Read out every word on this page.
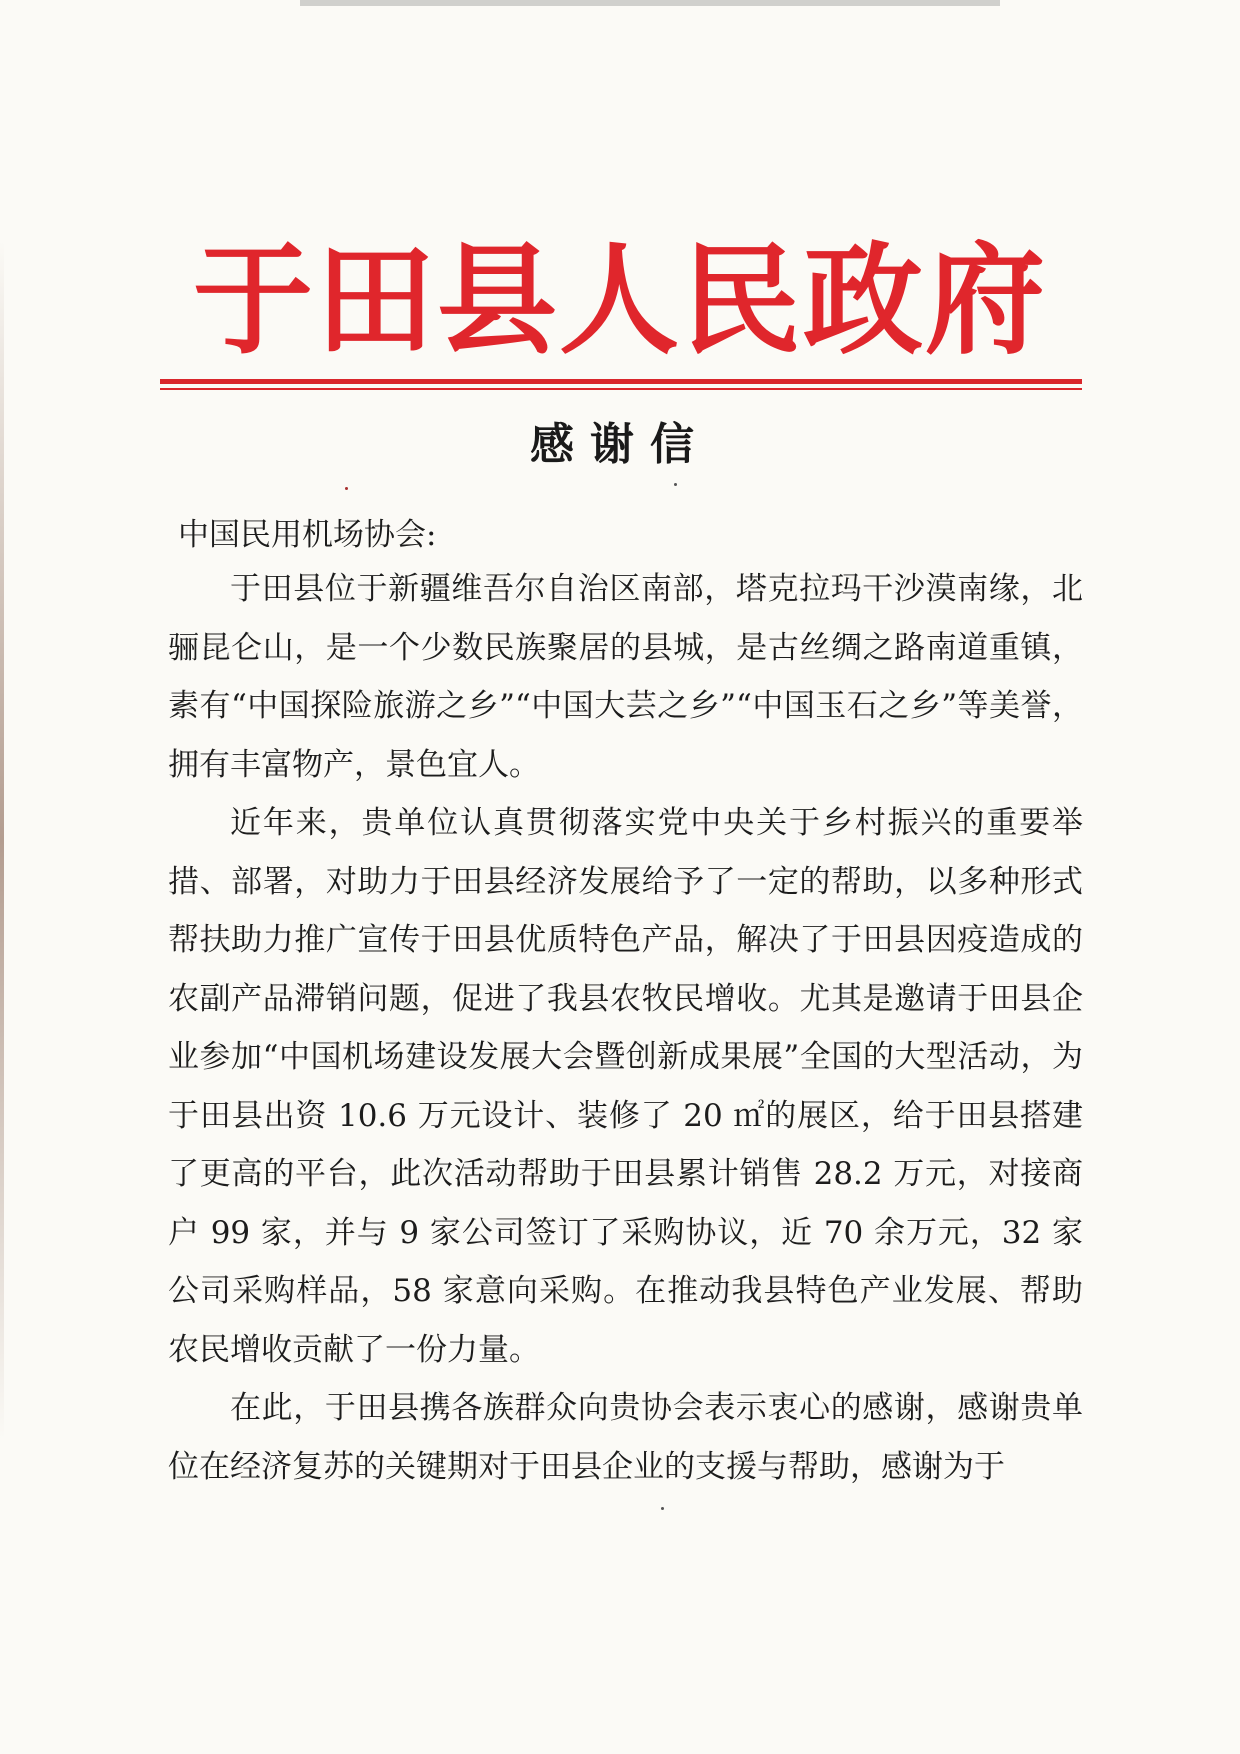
于田县人民政府
感谢信
中国民用机场协会:

于田县位于新疆维吾尔自治区南部，塔克拉玛干沙漠南缘，北骊昆仑山，是一个少数民族聚居的县城，是古丝绸之路南道重镇，素有“中国探险旅游之乡”“中国大芸之乡”“中国玉石之乡”等美誉，拥有丰富物产，景色宜人。

近年来，贵单位认真贯彻落实党中央关于乡村振兴的重要举措、部署，对助力于田县经济发展给予了一定的帮助，以多种形式帮扶助力推广宣传于田县优质特色产品，解决了于田县因疫造成的农副产品滞销问题，促进了我县农牧民增收。尤其是邀请于田县企业参加“中国机场建设发展大会暨创新成果展”全国的大型活动，为于田县出资 10.6 万元设计、装修了 20 ㎡的展区，给于田县搭建了更高的平台，此次活动帮助于田县累计销售 28.2 万元，对接商户 99 家，并与 9 家公司签订了采购协议，近 70 余万元，32 家公司采购样品，58 家意向采购。在推动我县特色产业发展、帮助农民增收贡献了一份力量。

在此，于田县携各族群众向贵协会表示衷心的感谢，感谢贵单位在经济复苏的关键期对于田县企业的支援与帮助，感谢为于
